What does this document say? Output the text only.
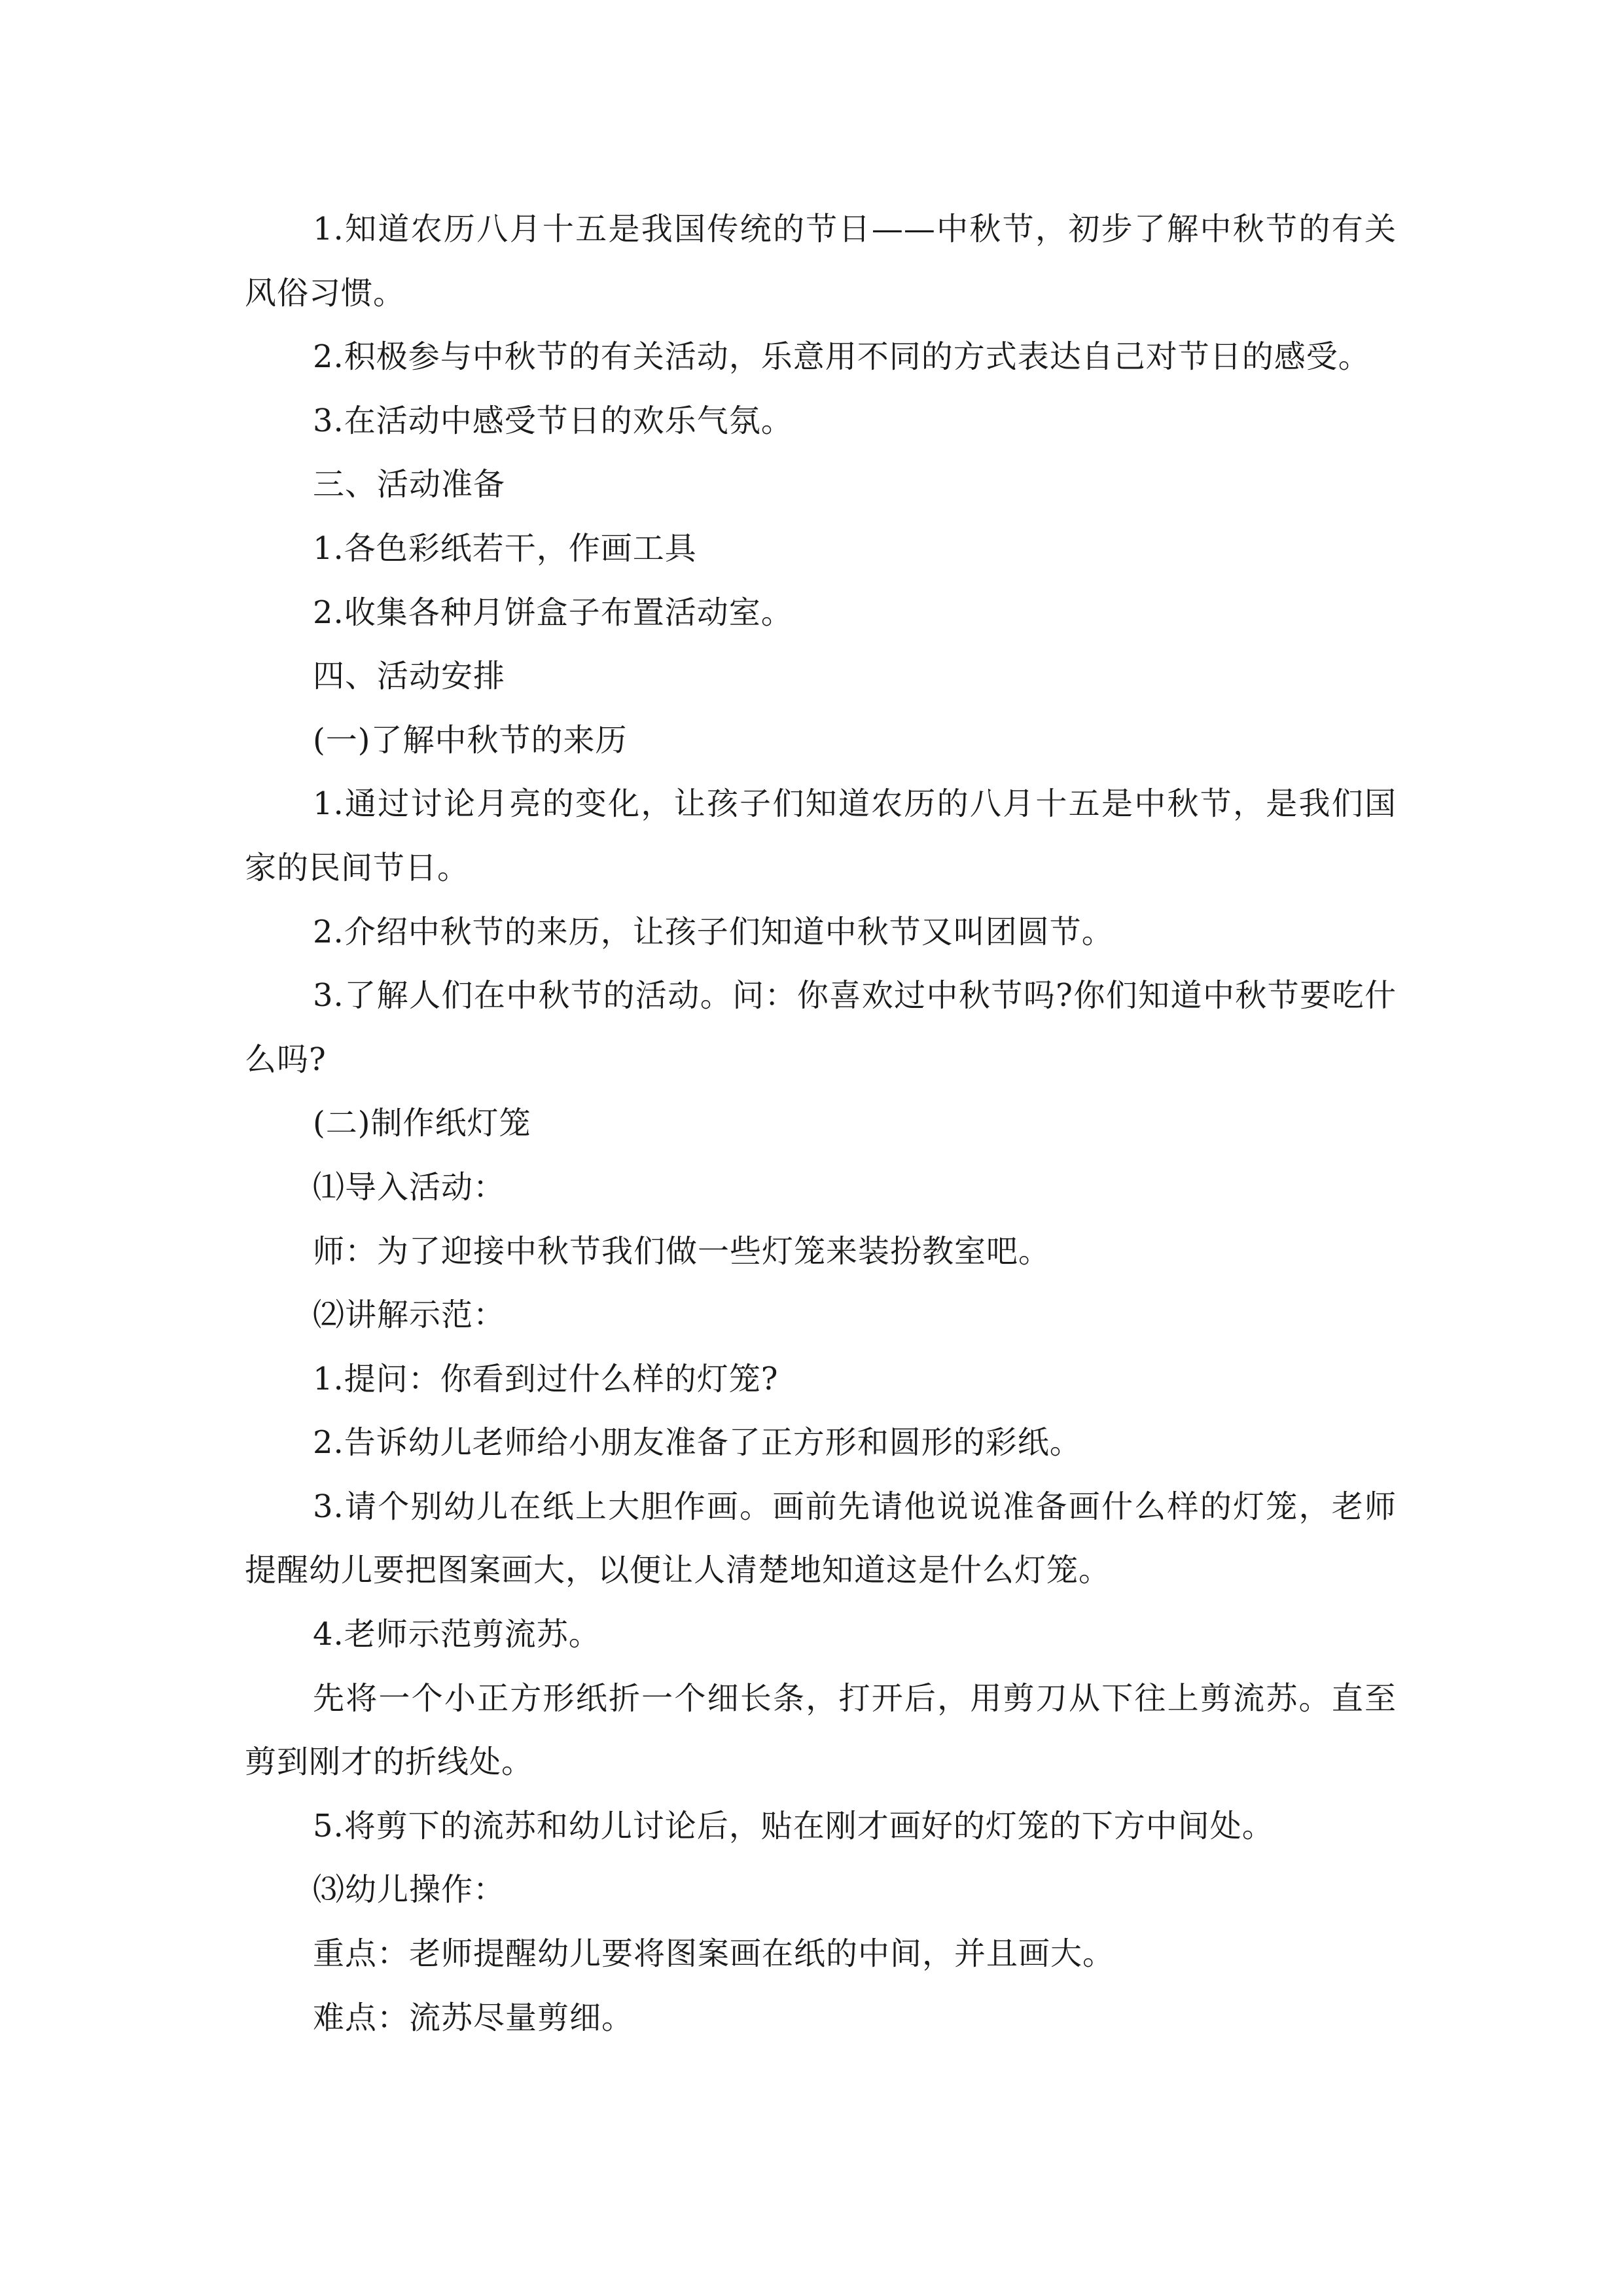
1.知道农历八月十五是我国传统的节日——中秋节，初步了解中秋节的有关风俗习惯。

2.积极参与中秋节的有关活动，乐意用不同的方式表达自己对节日的感受。

3.在活动中感受节日的欢乐气氛。

三、活动准备

1.各色彩纸若干，作画工具

2.收集各种月饼盒子布置活动室。

四、活动安排

(一)了解中秋节的来历

1.通过讨论月亮的变化，让孩子们知道农历的八月十五是中秋节，是我们国家的民间节日。

2.介绍中秋节的来历，让孩子们知道中秋节又叫团圆节。

3.了解人们在中秋节的活动。问：你喜欢过中秋节吗?你们知道中秋节要吃什么吗?

(二)制作纸灯笼

⑴导入活动：

师：为了迎接中秋节我们做一些灯笼来装扮教室吧。

⑵讲解示范：

1.提问：你看到过什么样的灯笼?

2.告诉幼儿老师给小朋友准备了正方形和圆形的彩纸。

3.请个别幼儿在纸上大胆作画。画前先请他说说准备画什么样的灯笼，老师提醒幼儿要把图案画大，以便让人清楚地知道这是什么灯笼。

4.老师示范剪流苏。

先将一个小正方形纸折一个细长条，打开后，用剪刀从下往上剪流苏。直至剪到刚才的折线处。

5.将剪下的流苏和幼儿讨论后，贴在刚才画好的灯笼的下方中间处。

⑶幼儿操作：

重点：老师提醒幼儿要将图案画在纸的中间，并且画大。

难点：流苏尽量剪细。
